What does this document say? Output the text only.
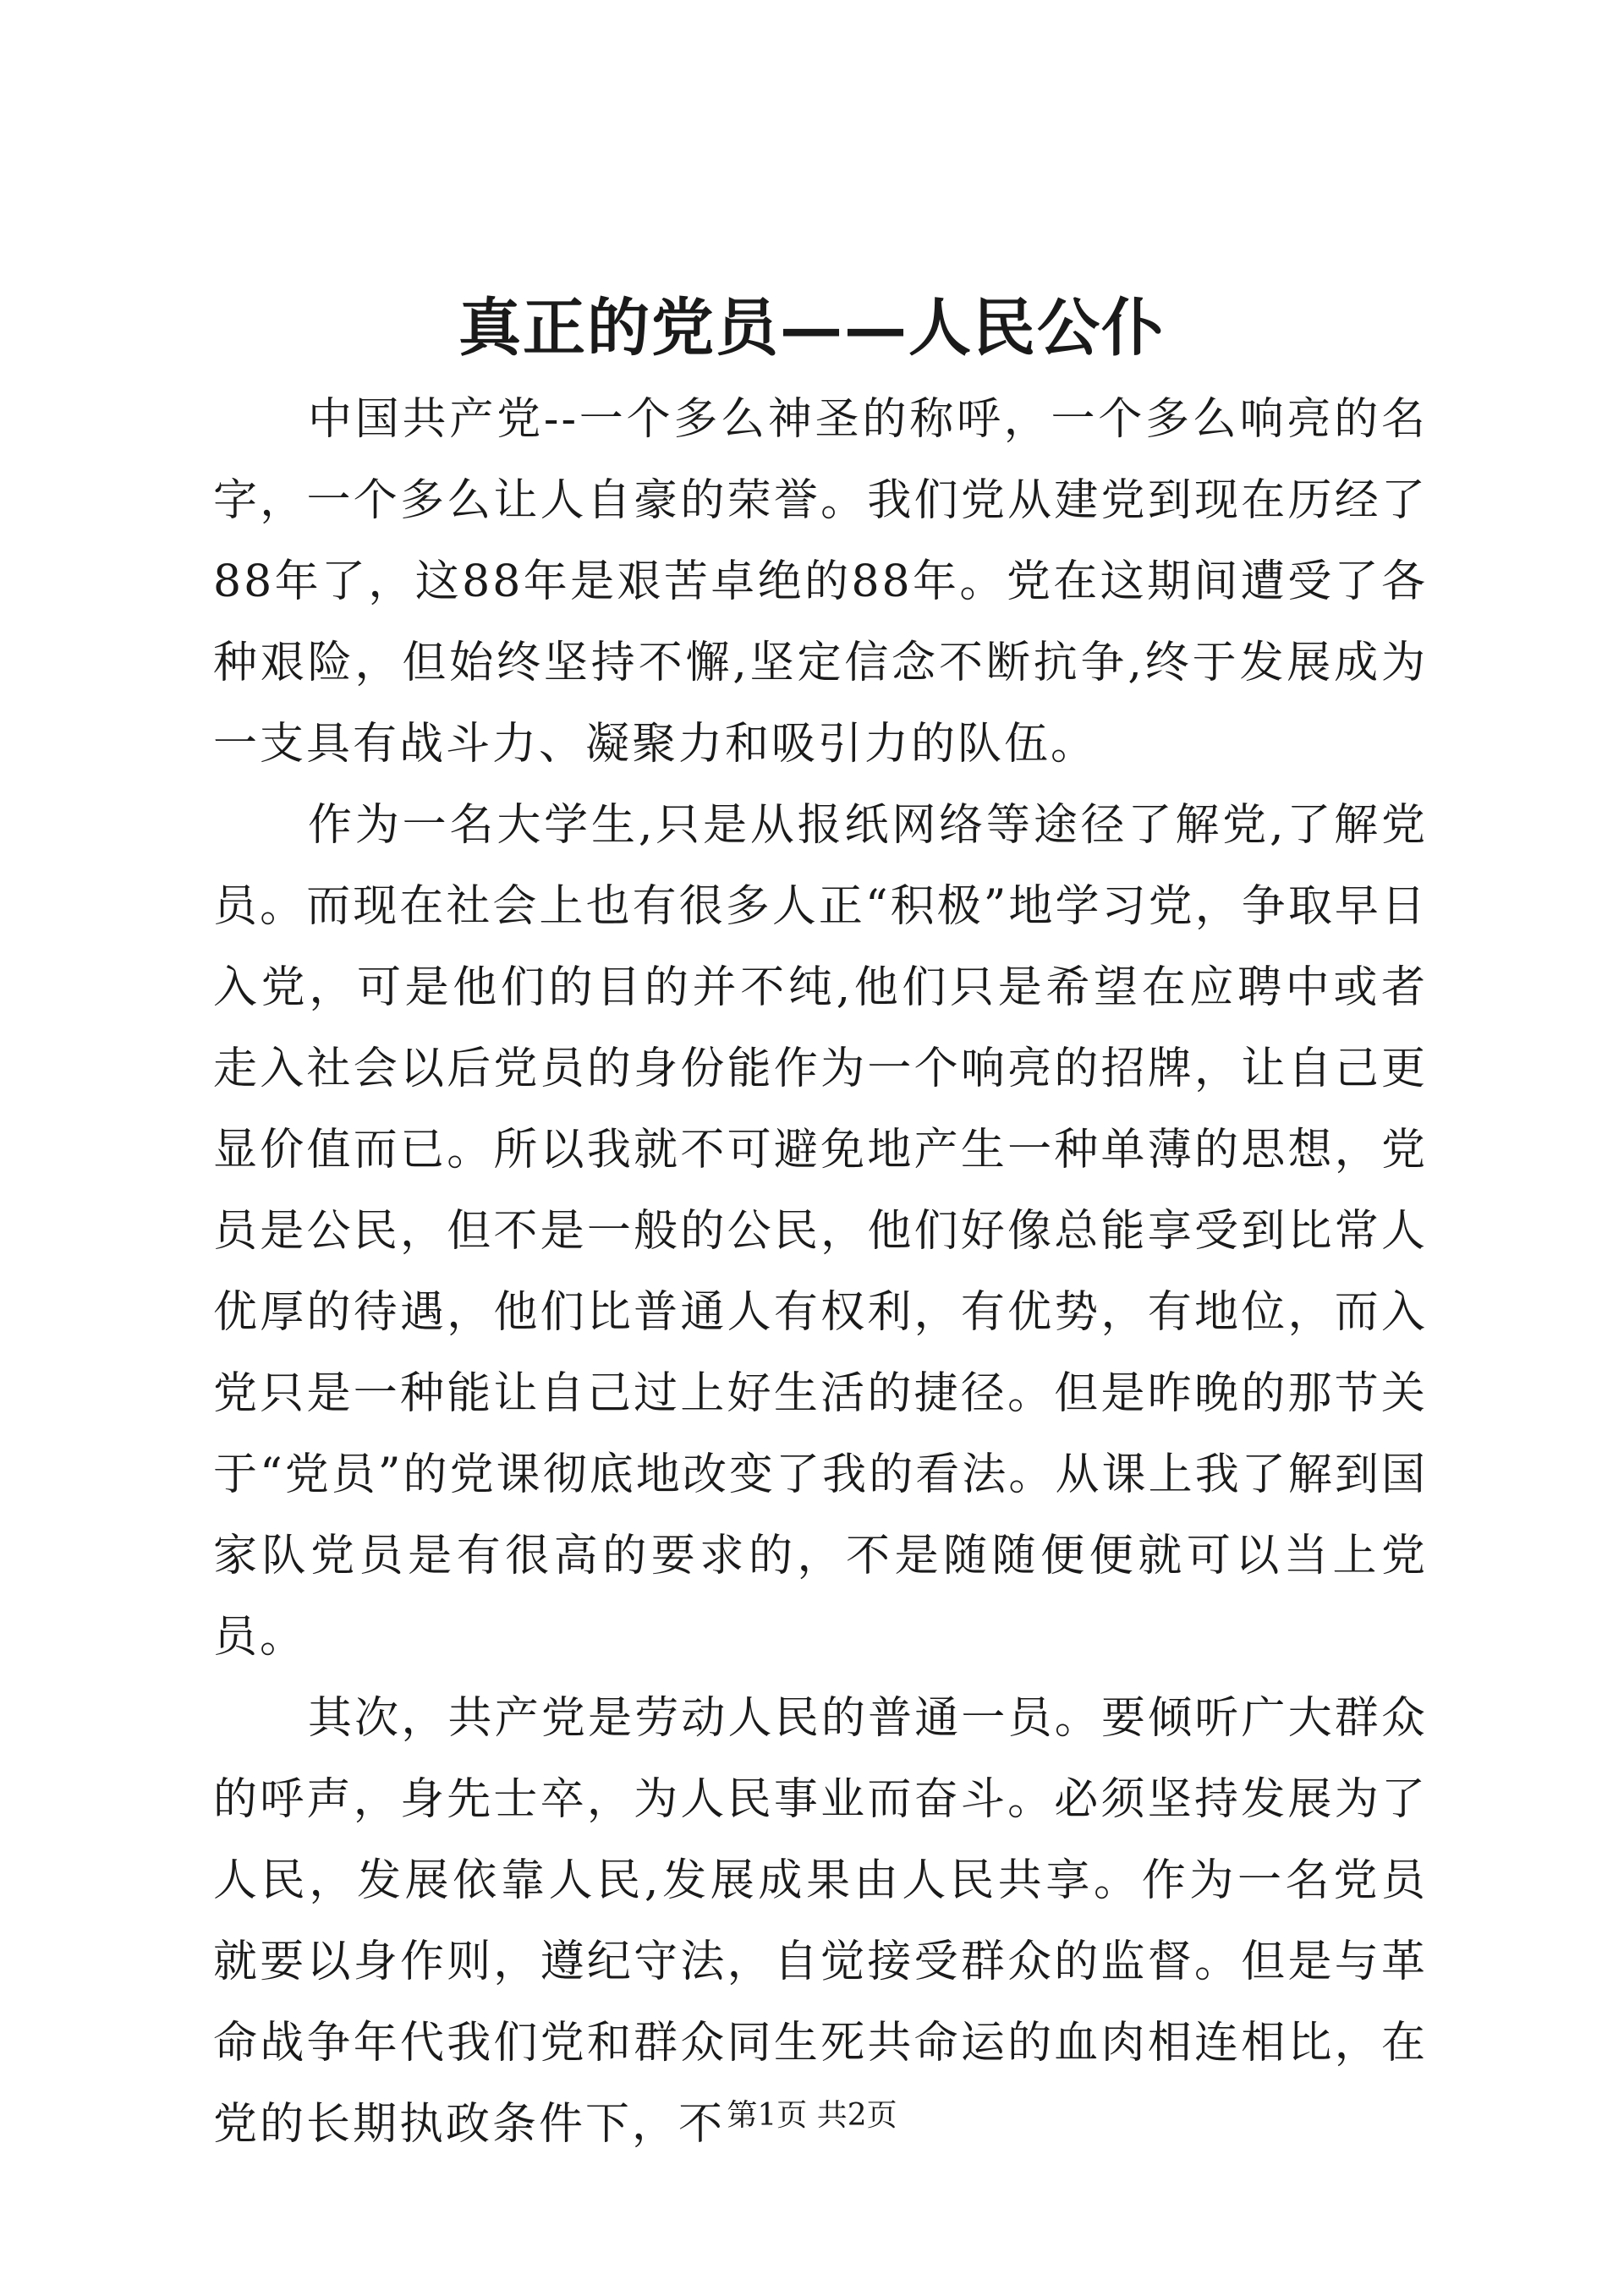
真正的党员——人民公仆

中国共产党--一个多么神圣的称呼，一个多么响亮的名字，一个多么让人自豪的荣誉。我们党从建党到现在历经了88年了，这88年是艰苦卓绝的88年。党在这期间遭受了各种艰险，但始终坚持不懈,坚定信念不断抗争,终于发展成为一支具有战斗力、凝聚力和吸引力的队伍。

作为一名大学生,只是从报纸网络等途径了解党,了解党员。而现在社会上也有很多人正“积极”地学习党，争取早日入党，可是他们的目的并不纯,他们只是希望在应聘中或者走入社会以后党员的身份能作为一个响亮的招牌，让自己更显价值而已。所以我就不可避免地产生一种单薄的思想，党员是公民，但不是一般的公民，他们好像总能享受到比常人优厚的待遇，他们比普通人有权利，有优势，有地位，而入党只是一种能让自己过上好生活的捷径。但是昨晚的那节关于“党员”的党课彻底地改变了我的看法。从课上我了解到国家队党员是有很高的要求的，不是随随便便就可以当上党员。

其次，共产党是劳动人民的普通一员。要倾听广大群众的呼声，身先士卒，为人民事业而奋斗。必须坚持发展为了人民，发展依靠人民,发展成果由人民共享。作为一名党员就要以身作则，遵纪守法，自觉接受群众的监督。但是与革命战争年代我们党和群众同生死共命运的血肉相连相比，在党的长期执政条件下，不 第1页 共2页
